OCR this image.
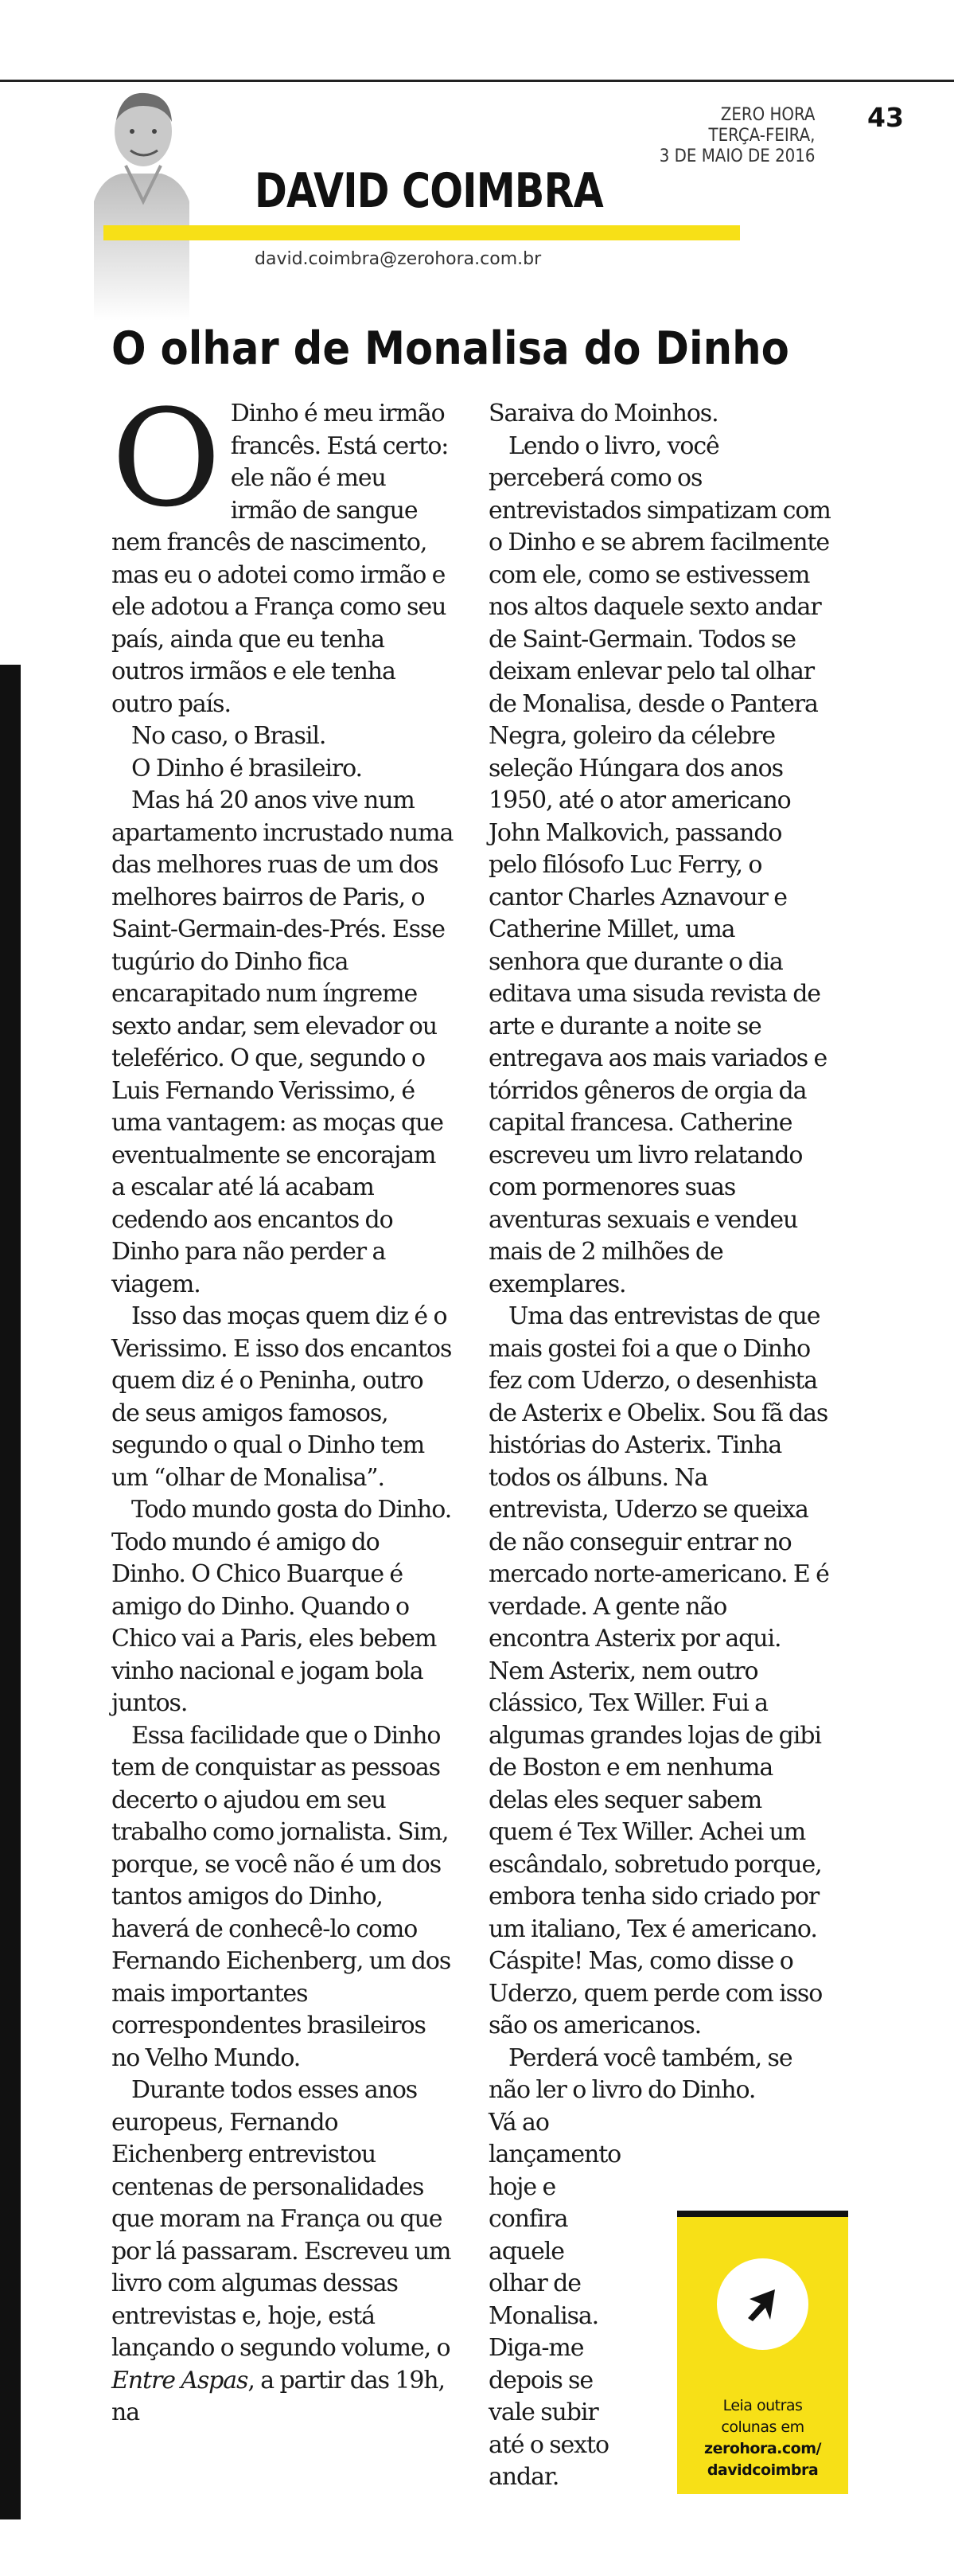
DAVID COIMBRA
david.coimbra@zerohora.com.br
ZERO HORA
TERÇA-FEIRA,
3 DE MAIO DE 2016
43
O olhar de Monalisa do Dinho

O Dinho é meu irmão francês. Está certo: ele não é meu irmão de sangue nem francês de nascimento, mas eu o adotei como irmão e ele adotou a França como seu país, ainda que eu tenha outros irmãos e ele tenha outro país.

No caso, o Brasil.

O Dinho é brasileiro.

Mas há 20 anos vive num apartamento incrustado numa das melhores ruas de um dos melhores bairros de Paris, o Saint-Germain-des-Prés. Esse tugúrio do Dinho fica encarapitado num íngreme sexto andar, sem elevador ou teleférico. O que, segundo o Luis Fernando Verissimo, é uma vantagem: as moças que eventualmente se encorajam a escalar até lá acabam cedendo aos encantos do Dinho para não perder a viagem.

Isso das moças quem diz é o Verissimo. E isso dos encantos quem diz é o Peninha, outro de seus amigos famosos, segundo o qual o Dinho tem um “olhar de Monalisa”.

Todo mundo gosta do Dinho. Todo mundo é amigo do Dinho. O Chico Buarque é amigo do Dinho. Quando o Chico vai a Paris, eles bebem vinho nacional e jogam bola juntos.

Essa facilidade que o Dinho tem de conquistar as pessoas decerto o ajudou em seu trabalho como jornalista. Sim, porque, se você não é um dos tantos amigos do Dinho, haverá de conhecê-lo como Fernando Eichenberg, um dos mais importantes correspondentes brasileiros no Velho Mundo.

Durante todos esses anos europeus, Fernando Eichenberg entrevistou centenas de personalidades que moram na França ou que por lá passaram. Escreveu um livro com algumas dessas entrevistas e, hoje, está lançando o segundo volume, o Entre Aspas, a partir das 19h, na

Saraiva do Moinhos.

Lendo o livro, você perceberá como os entrevistados simpatizam com o Dinho e se abrem facilmente com ele, como se estivessem nos altos daquele sexto andar de Saint-Germain. Todos se deixam enlevar pelo tal olhar de Monalisa, desde o Pantera Negra, goleiro da célebre seleção Húngara dos anos 1950, até o ator americano John Malkovich, passando pelo filósofo Luc Ferry, o cantor Charles Aznavour e Catherine Millet, uma senhora que durante o dia editava uma sisuda revista de arte e durante a noite se entregava aos mais variados e tórridos gêneros de orgia da capital francesa. Catherine escreveu um livro relatando com pormenores suas aventuras sexuais e vendeu mais de 2 milhões de exemplares.

Uma das entrevistas de que mais gostei foi a que o Dinho fez com Uderzo, o desenhista de Asterix e Obelix. Sou fã das histórias do Asterix. Tinha todos os álbuns. Na entrevista, Uderzo se queixa de não conseguir entrar no mercado norte-americano. E é verdade. A gente não encontra Asterix por aqui. Nem Asterix, nem outro clássico, Tex Willer. Fui a algumas grandes lojas de gibi de Boston e em nenhuma delas eles sequer sabem quem é Tex Willer. Achei um escândalo, sobretudo porque, embora tenha sido criado por um italiano, Tex é americano. Cáspite! Mas, como disse o Uderzo, quem perde com isso são os americanos.

Perderá você também, se não ler o livro do Dinho.

Vá ao lançamento hoje e confira aquele olhar de Monalisa. Diga-me depois se vale subir até o sexto andar.

Leia outras
colunas em
zerohora.com/
davidcoimbra
